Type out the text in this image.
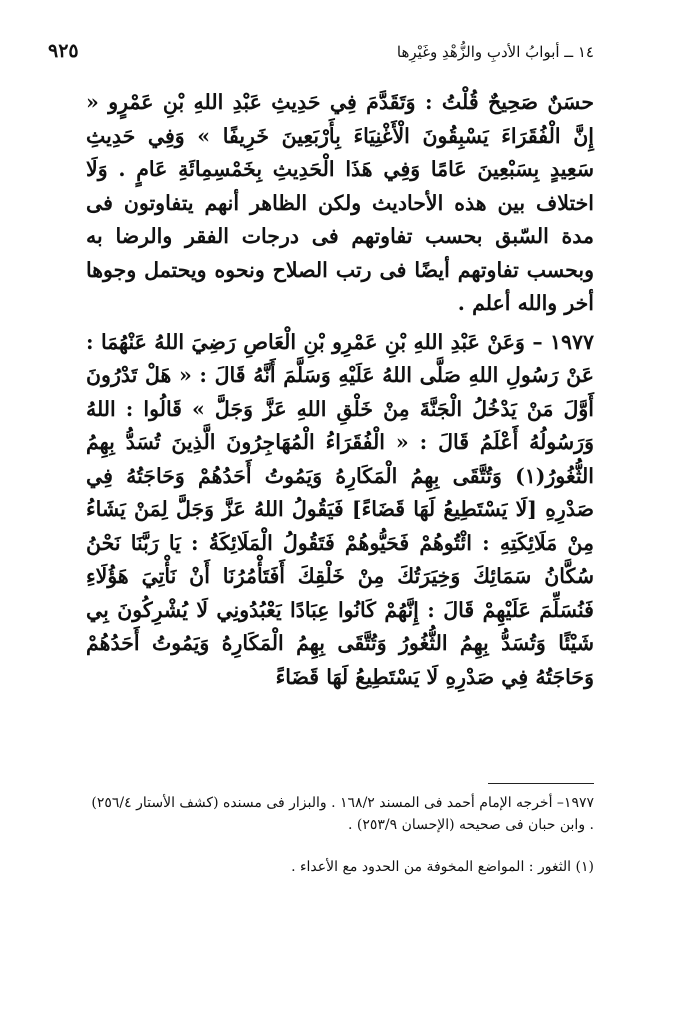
٩٢٥	١٤ ــ أبوابُ الأدبِ والزُّهْدِ وغَيْرِها

حسَنٌ صَحِيحٌ قُلْتُ : وَتَقَدَّمَ فِي حَدِيثِ عَبْدِ اللهِ بْنِ عَمْرٍو « إِنَّ الْفُقَرَاءَ يَسْبِقُونَ الْأَغْنِيَاءَ بِأَرْبَعِينَ خَرِيفًا » وَفِي حَدِيثِ سَعِيدٍ بِسَبْعِينَ عَامًا وَفِي هَذَا الْحَدِيثِ بِخَمْسِمِائَةِ عَامٍ . وَلَا اختلاف بين هذه الأحاديث ولكن الظاهر أنهم يتفاوتون فى مدة السّبق بحسب تفاوتهم فى درجات الفقر والرضا به وبحسب تفاوتهم أيضًا فى رتب الصلاح ونحوه ويحتمل وجوها أخر والله أعلم .

١٩٧٧ – وَعَنْ عَبْدِ اللهِ بْنِ عَمْرِو بْنِ الْعَاصِ رَضِيَ اللهُ عَنْهُمَا : عَنْ رَسُولِ اللهِ صَلَّى اللهُ عَلَيْهِ وَسَلَّمَ أَنَّهُ قَالَ : « هَلْ تَدْرُونَ أَوَّلَ مَنْ يَدْخُلُ الْجَنَّةَ مِنْ خَلْقِ اللهِ عَزَّ وَجَلَّ » قَالُوا : اللهُ وَرَسُولُهُ أَعْلَمُ قَالَ : « الْفُقَرَاءُ الْمُهَاجِرُونَ الَّذِينَ تُسَدُّ بِهِمُ الثُّغُورُ(١) وَتُتَّقَى بِهِمُ الْمَكَارِهُ وَيَمُوتُ أَحَدُهُمْ وَحَاجَتُهُ فِي صَدْرِهِ [لَا يَسْتَطِيعُ لَهَا قَضَاءً] فَيَقُولُ اللهُ عَزَّ وَجَلَّ لِمَنْ يَشَاءُ مِنْ مَلَائِكَتِهِ : ائْتُوهُمْ فَحَيُّوهُمْ فَتَقُولُ الْمَلَائِكَةُ : يَا رَبَّنَا نَحْنُ سُكَّانُ سَمَائِكَ وَخِيَرَتُكَ مِنْ خَلْقِكَ أَفَتَأْمُرُنَا أَنْ نَأْتِيَ هَؤُلَاءِ فَنُسَلِّمَ عَلَيْهِمْ قَالَ : إِنَّهُمْ كَانُوا عِبَادًا يَعْبُدُونِي لَا يُشْرِكُونَ بِي شَيْئًا وَتُسَدُّ بِهِمُ الثُّغُورُ وَتُتَّقَى بِهِمُ الْمَكَارِهُ وَيَمُوتُ أَحَدُهُمْ وَحَاجَتُهُ فِي صَدْرِهِ لَا يَسْتَطِيعُ لَهَا قَضَاءً

١٩٧٧– أخرجه الإمام أحمد فى المسند ١٦٨/٢ . والبزار فى مسنده (كشف الأستار ٢٥٦/٤) . وابن حبان فى صحيحه (الإحسان ٢٥٣/٩) .

(١) الثغور : المواضع المخوفة من الحدود مع الأعداء .
